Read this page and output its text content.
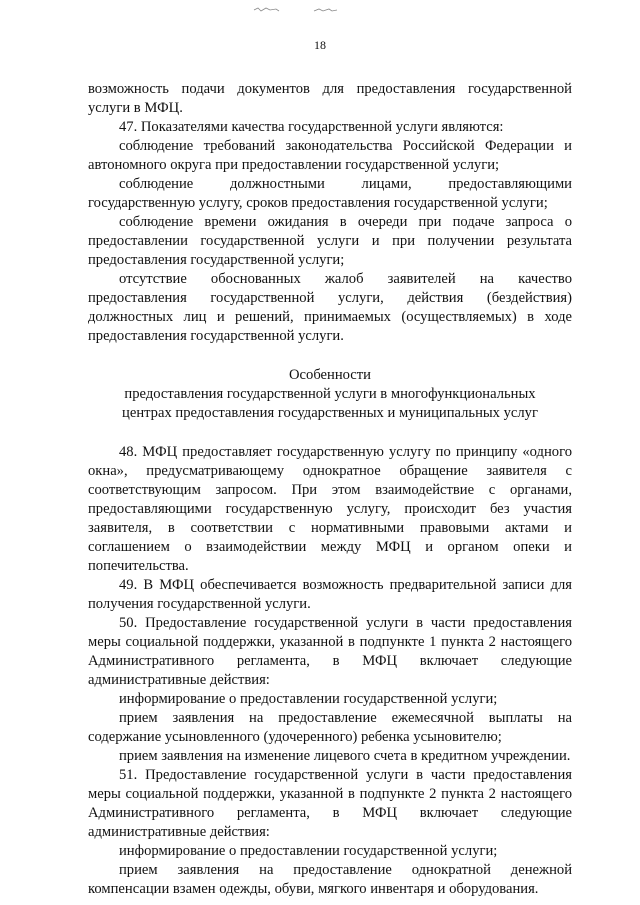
18

возможность подачи документов для предоставления государственной услуги в МФЦ.

47. Показателями качества государственной услуги являются:

соблюдение требований законодательства Российской Федерации и автономного округа при предоставлении государственной услуги;

соблюдение должностными лицами, предоставляющими государственную услугу, сроков предоставления государственной услуги;

соблюдение времени ожидания в очереди при подаче запроса о предоставлении государственной услуги и при получении результата предоставления государственной услуги;

отсутствие обоснованных жалоб заявителей на качество предоставления государственной услуги, действия (бездействия) должностных лиц и решений, принимаемых (осуществляемых) в ходе предоставления государственной услуги.

Особенности
предоставления государственной услуги в многофункциональных
центрах предоставления государственных и муниципальных услуг

48. МФЦ предоставляет государственную услугу по принципу «одного окна», предусматривающему однократное обращение заявителя с соответствующим запросом. При этом взаимодействие с органами, предоставляющими государственную услугу, происходит без участия заявителя, в соответствии с нормативными правовыми актами и соглашением о взаимодействии между МФЦ и органом опеки и попечительства.

49. В МФЦ обеспечивается возможность предварительной записи для получения государственной услуги.

50. Предоставление государственной услуги в части предоставления меры социальной поддержки, указанной в подпункте 1 пункта 2 настоящего Административного регламента, в МФЦ включает следующие административные действия:

информирование о предоставлении государственной услуги;

прием заявления на предоставление ежемесячной выплаты на содержание усыновленного (удочеренного) ребенка усыновителю;

прием заявления на изменение лицевого счета в кредитном учреждении.

51. Предоставление государственной услуги в части предоставления меры социальной поддержки, указанной в подпункте 2 пункта 2 настоящего Административного регламента, в МФЦ включает следующие административные действия:

информирование о предоставлении государственной услуги;

прием заявления на предоставление однократной денежной компенсации взамен одежды, обуви, мягкого инвентаря и оборудования.
